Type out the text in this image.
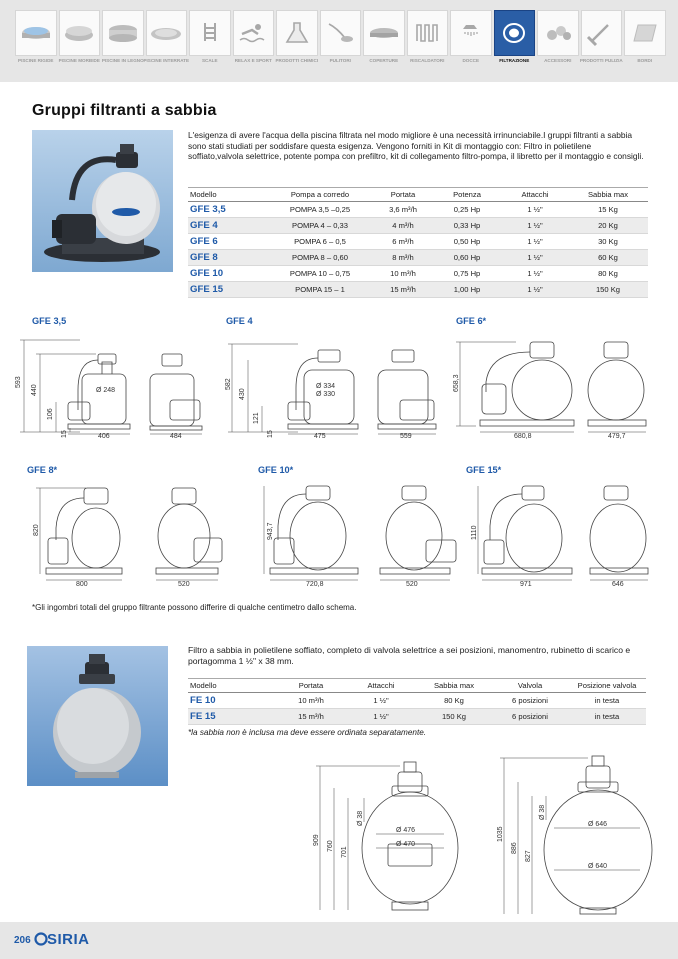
PISCINE RIGIDE	PISCINE MORBIDE PISCINE IN LEGNO PISCINE INTERRATE	SCALE	RELAX E SPORT PRODOTTI CHIMICI	PULITORI	COPERTURE	RISCALDATORI	DOCCE	FILTRAZIONE	ACCESSORI	PRODOTTI PULIZIA	BORDI
Gruppi filtranti a sabbia
L'esigenza di avere l'acqua della piscina filtrata nel modo migliore è una necessità irrinunciabile.I gruppi filtranti a sabbia sono stati studiati per soddisfare questa esigenza. Vengono forniti in Kit di montaggio con: Filtro in polietilene soffiato,valvola selettrice, potente pompa con prefiltro, kit di collegamento filtro-pompa, il libretto per il montaggio e consigli.
Modello	Pompa a corredo	Portata	Potenza	Attacchi	Sabbia max
GFE 3,5	POMPA 3,5 –0,25	3,6 m³/h	0,25 Hp	1 ½"	15 Kg
GFE 4	POMPA 4 – 0,33	4 m³/h	0,33 Hp	1 ½"	20 Kg
GFE 6	POMPA 6 – 0,5	6 m³/h	0,50 Hp	1 ½"	30 Kg
GFE 8	POMPA 8 – 0,60	8 m³/h	0,60 Hp	1 ½"	60 Kg
GFE 10	POMPA 10 – 0,75	10 m³/h	0,75 Hp	1 ½"	80 Kg
GFE 15	POMPA 15 – 1	15 m³/h	1,00 Hp	1 ½"	150 Kg
GFE 3,5	GFE 4	GFE 6*
593
440
106
15	406	484
Ø 248
582
430
121
15	475	559
Ø 334
Ø 330
658,3
680,8	479,7
GFE 8*	GFE 10*	GFE 15*
820
800	520
943,7
720,8	520
1110
971	646
*Gli ingombri totali del gruppo filtrante possono differire di qualche centimetro dallo schema.
Filtro a sabbia in polietilene soffiato, completo di valvola selettrice a sei posizioni, manomentro, rubinetto di scarico e portagomma 1 ½" x 38 mm.
Modello	Portata	Attacchi	Sabbia max	Valvola	Posizione valvola
FE 10	10 m³/h	1 ½"	80 Kg	6 posizioni	in testa
FE 15	15 m³/h	1 ½"	150 Kg	6 posizioni	in testa
*la sabbia non è inclusa ma deve essere ordinata separatamente.
909
760
701
Ø 38
Ø 476
Ø 470
1035
886
827
Ø 38
Ø 646
Ø 640
206 SIRIA
